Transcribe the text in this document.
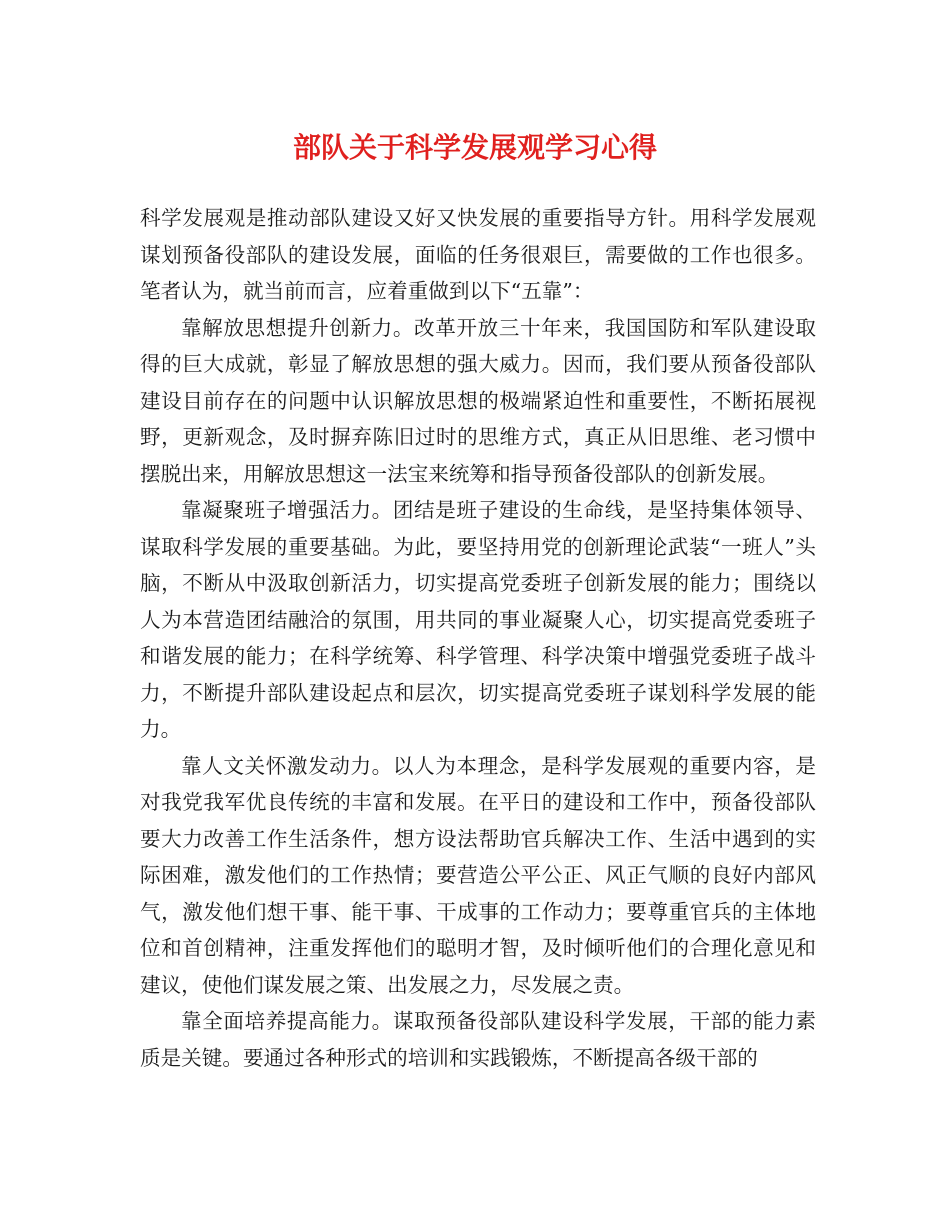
部队关于科学发展观学习心得

科学发展观是推动部队建设又好又快发展的重要指导方针。用科学发展观谋划预备役部队的建设发展，面临的任务很艰巨，需要做的工作也很多。笔者认为，就当前而言，应着重做到以下“五靠”：

靠解放思想提升创新力。改革开放三十年来，我国国防和军队建设取得的巨大成就，彰显了解放思想的强大威力。因而，我们要从预备役部队建设目前存在的问题中认识解放思想的极端紧迫性和重要性，不断拓展视野，更新观念，及时摒弃陈旧过时的思维方式，真正从旧思维、老习惯中摆脱出来，用解放思想这一法宝来统筹和指导预备役部队的创新发展。

靠凝聚班子增强活力。团结是班子建设的生命线，是坚持集体领导、谋取科学发展的重要基础。为此，要坚持用党的创新理论武装“一班人”头脑，不断从中汲取创新活力，切实提高党委班子创新发展的能力；围绕以人为本营造团结融洽的氛围，用共同的事业凝聚人心，切实提高党委班子和谐发展的能力；在科学统筹、科学管理、科学决策中增强党委班子战斗力，不断提升部队建设起点和层次，切实提高党委班子谋划科学发展的能力。

靠人文关怀激发动力。以人为本理念，是科学发展观的重要内容，是对我党我军优良传统的丰富和发展。在平日的建设和工作中，预备役部队要大力改善工作生活条件，想方设法帮助官兵解决工作、生活中遇到的实际困难，激发他们的工作热情；要营造公平公正、风正气顺的良好内部风气，激发他们想干事、能干事、干成事的工作动力；要尊重官兵的主体地位和首创精神，注重发挥他们的聪明才智，及时倾听他们的合理化意见和建议，使他们谋发展之策、出发展之力，尽发展之责。

靠全面培养提高能力。谋取预备役部队建设科学发展，干部的能力素质是关键。要通过各种形式的培训和实践锻炼，不断提高各级干部的
